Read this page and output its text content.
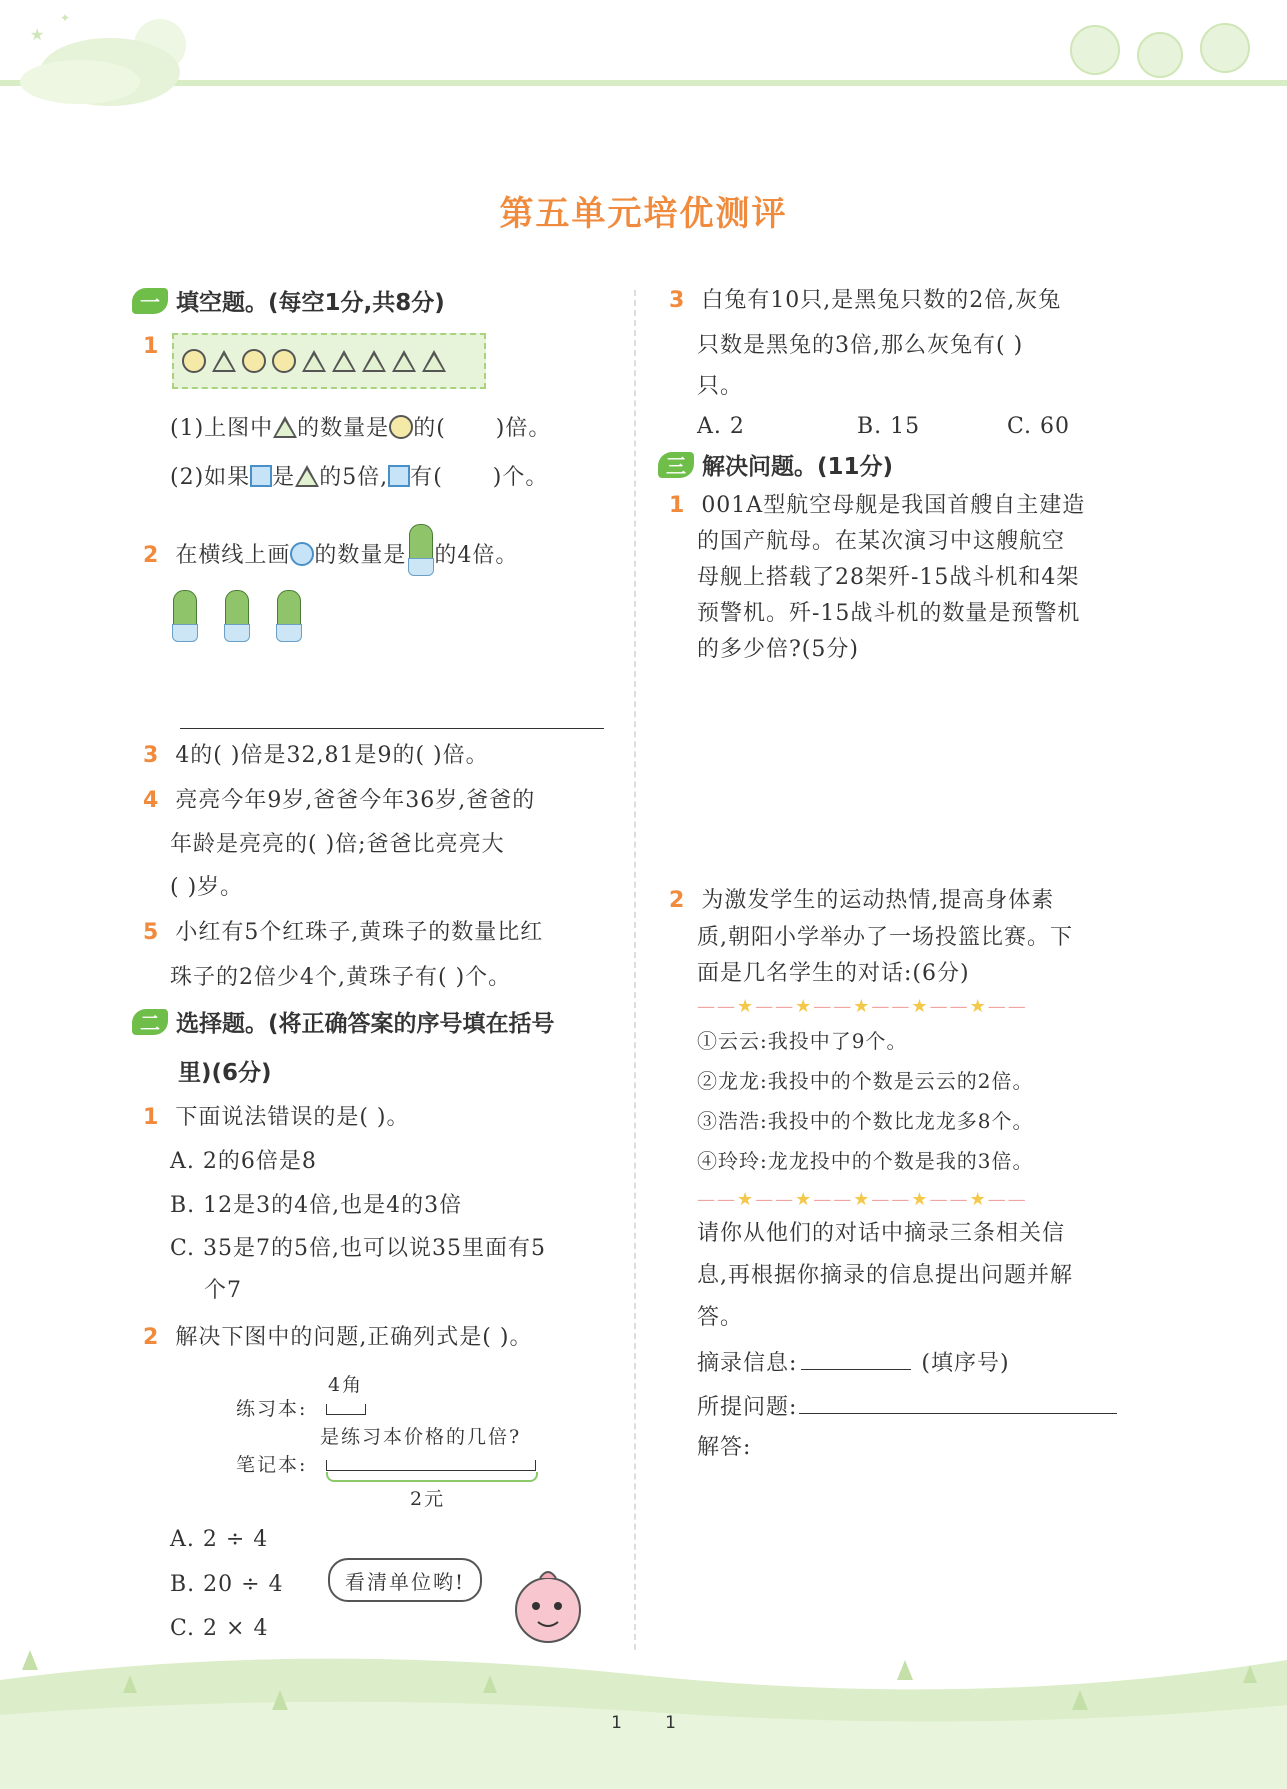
★
✦
第五单元培优测评
一 填空题。(每空1分,共8分)
1
(1)上图中 的数量是 的( )倍。
(2)如果 是 的5倍, 有( )个。
2 在横线上画 的数量是 的4倍。
3 4的( )倍是32,81是9的( )倍。
4 亮亮今年9岁,爸爸今年36岁,爸爸的
年龄是亮亮的( )倍;爸爸比亮亮大
( )岁。
5 小红有5个红珠子,黄珠子的数量比红
珠子的2倍少4个,黄珠子有( )个。
二 选择题。(将正确答案的序号填在括号
里)(6分)
1 下面说法错误的是( )。
A. 2的6倍是8
B. 12是3的4倍,也是4的3倍
C. 35是7的5倍,也可以说35里面有5
个7
2 解决下图中的问题,正确列式是( )。
4角
练习本:
是练习本价格的几倍?
笔记本:
2元
A. 2 ÷ 4
B. 20 ÷ 4
C. 2 × 4
看清单位哟!
3 白兔有10只,是黑兔只数的2倍,灰兔
只数是黑兔的3倍,那么灰兔有( )
只。
A. 2	B. 15	C. 60
三 解决问题。(11分)
1 001A型航空母舰是我国首艘自主建造
的国产航母。在某次演习中这艘航空
母舰上搭载了28架歼-15战斗机和4架
预警机。歼-15战斗机的数量是预警机
的多少倍?(5分)
2 为激发学生的运动热情,提高身体素
质,朝阳小学举办了一场投篮比赛。下
面是几名学生的对话:(6分)
——★——★——★——★——★——
①云云:我投中了9个。
②龙龙:我投中的个数是云云的2倍。
③浩浩:我投中的个数比龙龙多8个。
④玲玲:龙龙投中的个数是我的3倍。
——★——★——★——★——★——
请你从他们的对话中摘录三条相关信
息,再根据你摘录的信息提出问题并解
答。
摘录信息:	(填序号)
所提问题:
解答:
1        1
